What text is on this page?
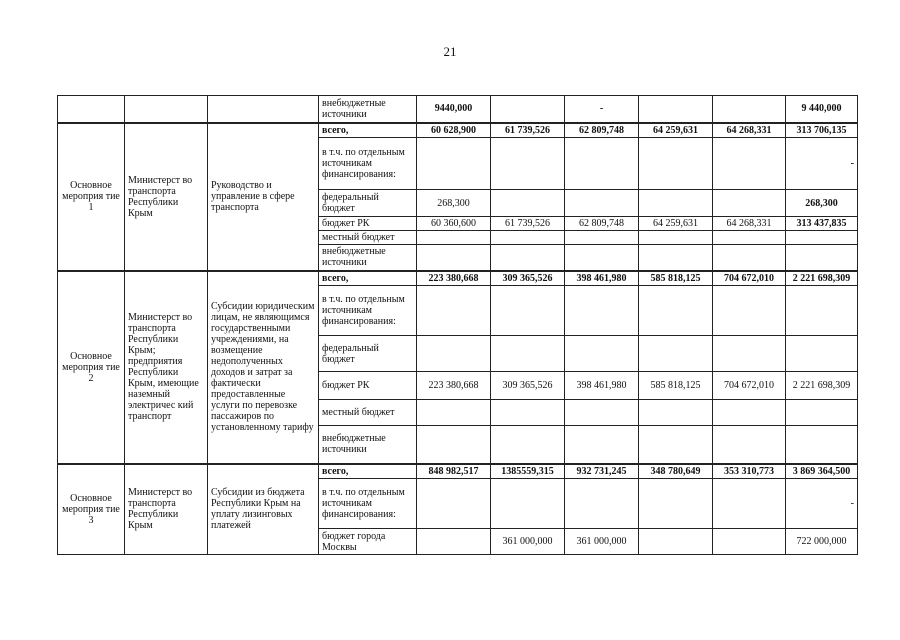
21
			внебюджетные источники	9440,000		-			9 440,000
Основное мероприя тие 1	Министерст во транспорта Республики Крым	Руководство и управление в сфере транспорта	всего,	60 628,900	61 739,526	62 809,748	64 259,631	64 268,331	313 706,135
			в т.ч. по отдельным источникам финансирования:						-
			федеральный бюджет	268,300					268,300
			бюджет РК	60 360,600	61 739,526	62 809,748	64 259,631	64 268,331	313 437,835
			местный бюджет						
			внебюджетные источники						
Основное мероприя тие 2	Министерст во транспорта Республики Крым; предприятия Республики Крым, имеющие наземный электричес кий транспорт	Субсидии юридическим лицам, не являющимся государственными учреждениями, на возмещение недополученных доходов и затрат за фактически предоставленные услуги по перевозке пассажиров по установленному тарифу	всего,	223 380,668	309 365,526	398 461,980	585 818,125	704 672,010	2 221 698,309
			в т.ч. по отдельным источникам финансирования:						
			федеральный бюджет						
			бюджет РК	223 380,668	309 365,526	398 461,980	585 818,125	704 672,010	2 221 698,309
			местный бюджет						
			внебюджетные источники						
Основное мероприя тие 3	Министерст во транспорта Республики Крым	Субсидии из бюджета Республики Крым на уплату лизинговых платежей	всего,	848 982,517	1385559,315	932 731,245	348 780,649	353 310,773	3 869 364,500
			в т.ч. по отдельным источникам финансирования:						-
			бюджет города Москвы		361 000,000	361 000,000			722 000,000
